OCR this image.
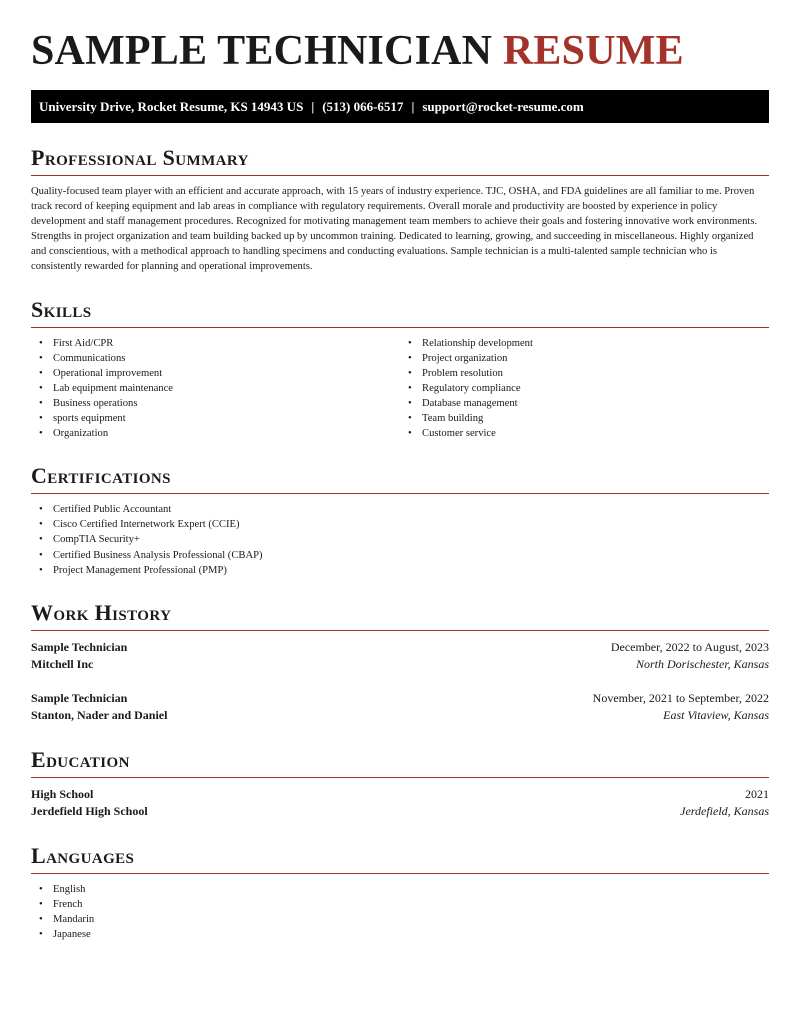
SAMPLE TECHNICIAN RESUME
University Drive, Rocket Resume, KS 14943 US | (513) 066-6517 | support@rocket-resume.com
Professional Summary

Quality-focused team player with an efficient and accurate approach, with 15 years of industry experience. TJC, OSHA, and FDA guidelines are all familiar to me. Proven track record of keeping equipment and lab areas in compliance with regulatory requirements. Overall morale and productivity are boosted by experience in policy development and staff management procedures. Recognized for motivating management team members to achieve their goals and fostering innovative work environments. Strengths in project organization and team building backed up by uncommon training. Dedicated to learning, growing, and succeeding in miscellaneous. Highly organized and conscientious, with a methodical approach to handling specimens and conducting evaluations. Sample technician is a multi-talented sample technician who is consistently rewarded for planning and operational improvements.

Skills
• First Aid/CPR
• Communications
• Operational improvement
• Lab equipment maintenance
• Business operations
• sports equipment
• Organization
• Relationship development
• Project organization
• Problem resolution
• Regulatory compliance
• Database management
• Team building
• Customer service
Certifications
• Certified Public Accountant
• Cisco Certified Internetwork Expert (CCIE)
• CompTIA Security+
• Certified Business Analysis Professional (CBAP)
• Project Management Professional (PMP)
Work History
Sample Technician	December, 2022 to August, 2023
Mitchell Inc	North Dorischester, Kansas
Sample Technician	November, 2021 to September, 2022
Stanton, Nader and Daniel	East Vitaview, Kansas
Education
High School	2021
Jerdefield High School	Jerdefield, Kansas
Languages
• English
• French
• Mandarin
• Japanese
